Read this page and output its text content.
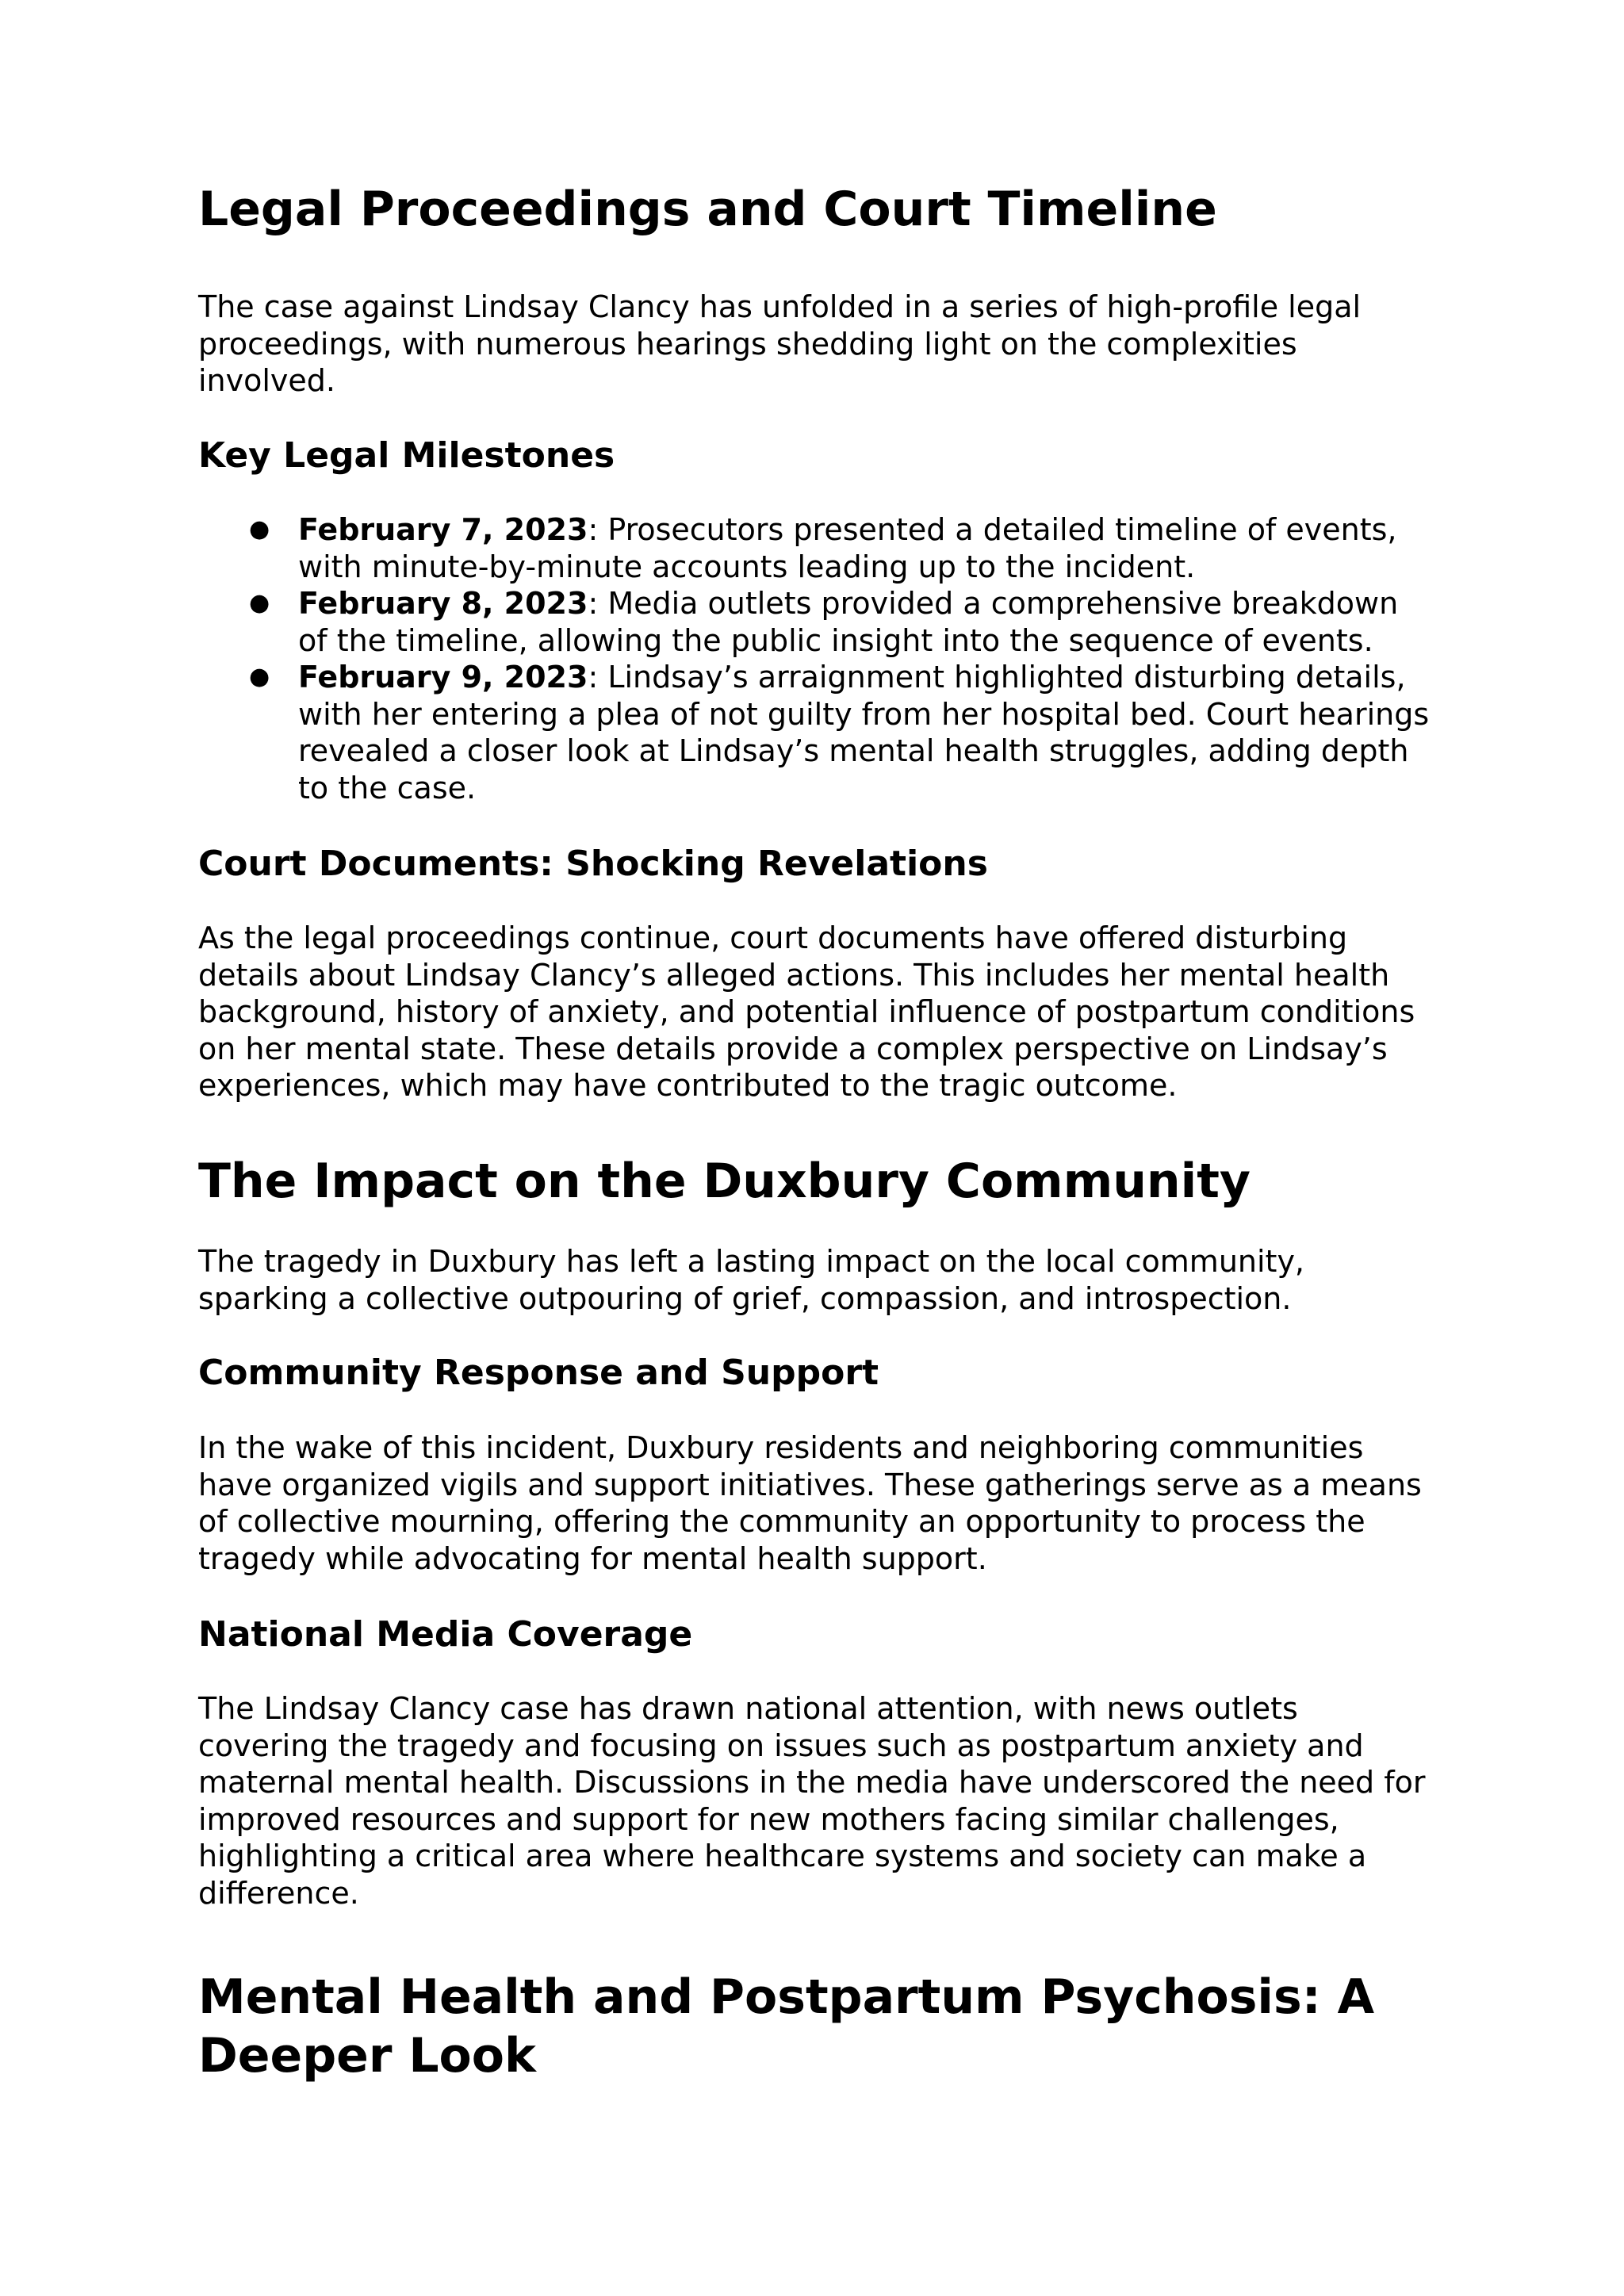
Legal Proceedings and Court Timeline

The case against Lindsay Clancy has unfolded in a series of high-profile legal proceedings, with numerous hearings shedding light on the complexities involved.

Key Legal Milestones
● February 7, 2023: Prosecutors presented a detailed timeline of events, with minute-by-minute accounts leading up to the incident.
● February 8, 2023: Media outlets provided a comprehensive breakdown of the timeline, allowing the public insight into the sequence of events.
● February 9, 2023: Lindsay’s arraignment highlighted disturbing details, with her entering a plea of not guilty from her hospital bed. Court hearings revealed a closer look at Lindsay’s mental health struggles, adding depth to the case.
Court Documents: Shocking Revelations

As the legal proceedings continue, court documents have offered disturbing details about Lindsay Clancy’s alleged actions. This includes her mental health background, history of anxiety, and potential influence of postpartum conditions on her mental state. These details provide a complex perspective on Lindsay’s experiences, which may have contributed to the tragic outcome.

The Impact on the Duxbury Community

The tragedy in Duxbury has left a lasting impact on the local community, sparking a collective outpouring of grief, compassion, and introspection.

Community Response and Support

In the wake of this incident, Duxbury residents and neighboring communities have organized vigils and support initiatives. These gatherings serve as a means of collective mourning, offering the community an opportunity to process the tragedy while advocating for mental health support.

National Media Coverage

The Lindsay Clancy case has drawn national attention, with news outlets covering the tragedy and focusing on issues such as postpartum anxiety and maternal mental health. Discussions in the media have underscored the need for improved resources and support for new mothers facing similar challenges, highlighting a critical area where healthcare systems and society can make a difference.

Mental Health and Postpartum Psychosis: A Deeper Look
